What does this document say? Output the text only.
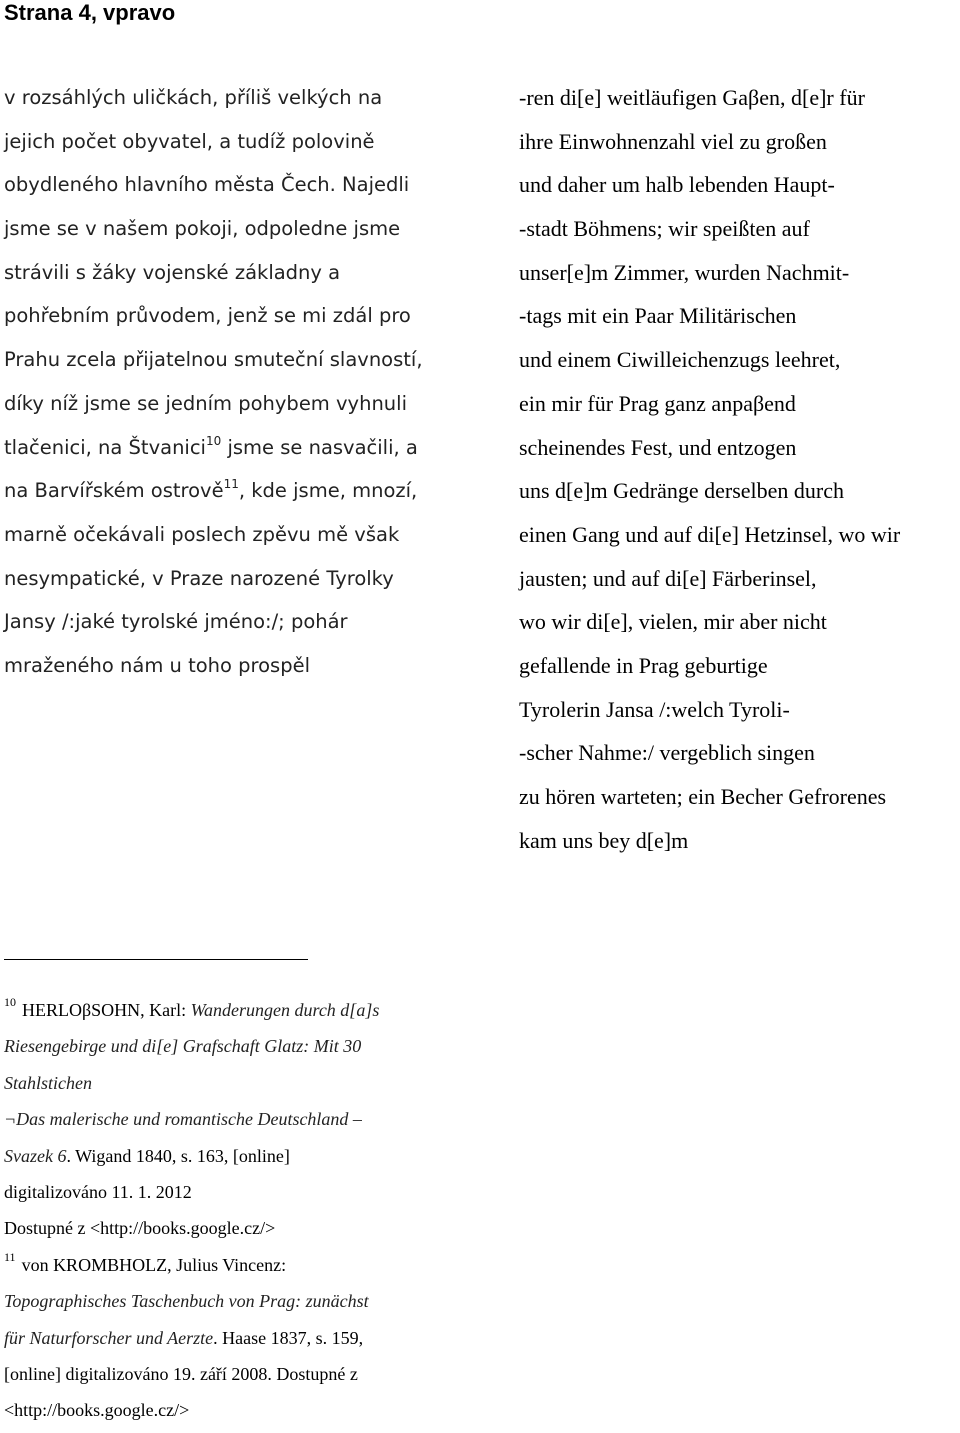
Strana 4, vpravo
v rozsáhlých uličkách, příliš velkých na
jejich počet obyvatel, a tudíž polovině
obydleného hlavního města Čech. Najedli
jsme se v našem pokoji, odpoledne jsme
strávili s žáky vojenské základny a
pohřebním průvodem, jenž se mi zdál pro
Prahu zcela přijatelnou smuteční slavností,
díky níž jsme se jedním pohybem vyhnuli
tlačenici, na Štvanici$^{10}$ jsme se nasvačili, a
na Barvířském ostrově$^{11}$, kde jsme, mnozí,
marně očekávali poslech zpěvu mě však
nesympatické, v Praze narozené Tyrolky
Jansy /:jaké tyrolské jméno:/; pohár
mraženého nám u toho prospěl
-ren di[e] weitläufigen Gaβen, d[e]r für
ihre Einwohnenzahl viel zu großen
und daher um halb lebenden Haupt-
-stadt Böhmens; wir speißten auf
unser[e]m Zimmer, wurden Nachmit-
-tags mit ein Paar Militärischen
und einem Ciwilleichenzugs leehret,
ein mir für Prag ganz anpaβend
scheinendes Fest, und entzogen
uns d[e]m Gedränge derselben durch
einen Gang und auf di[e] Hetzinsel, wo wir
jausten; und auf di[e] Färberinsel,
wo wir di[e], vielen, mir aber nicht
gefallende in Prag geburtige
Tyrolerin Jansa /:welch Tyroli-
-scher Nahme:/ vergeblich singen
zu hören warteten; ein Becher Gefrorenes
kam uns bey d[e]m
$^{10}$ HERLOβSOHN, Karl: Wanderungen durch d[a]s
Riesengebirge und di[e] Grafschaft Glatz: Mit 30
Stahlstichen
¬Das malerische und romantische Deutschland –
Svazek 6. Wigand 1840, s. 163, [online]
digitalizováno 11. 1. 2012
Dostupné z <http://books.google.cz/>
$^{11}$ von KROMBHOLZ, Julius Vincenz:
Topographisches Taschenbuch von Prag: zunächst
für Naturforscher und Aerzte. Haase 1837, s. 159,
[online] digitalizováno 19. září 2008. Dostupné z
<http://books.google.cz/>
